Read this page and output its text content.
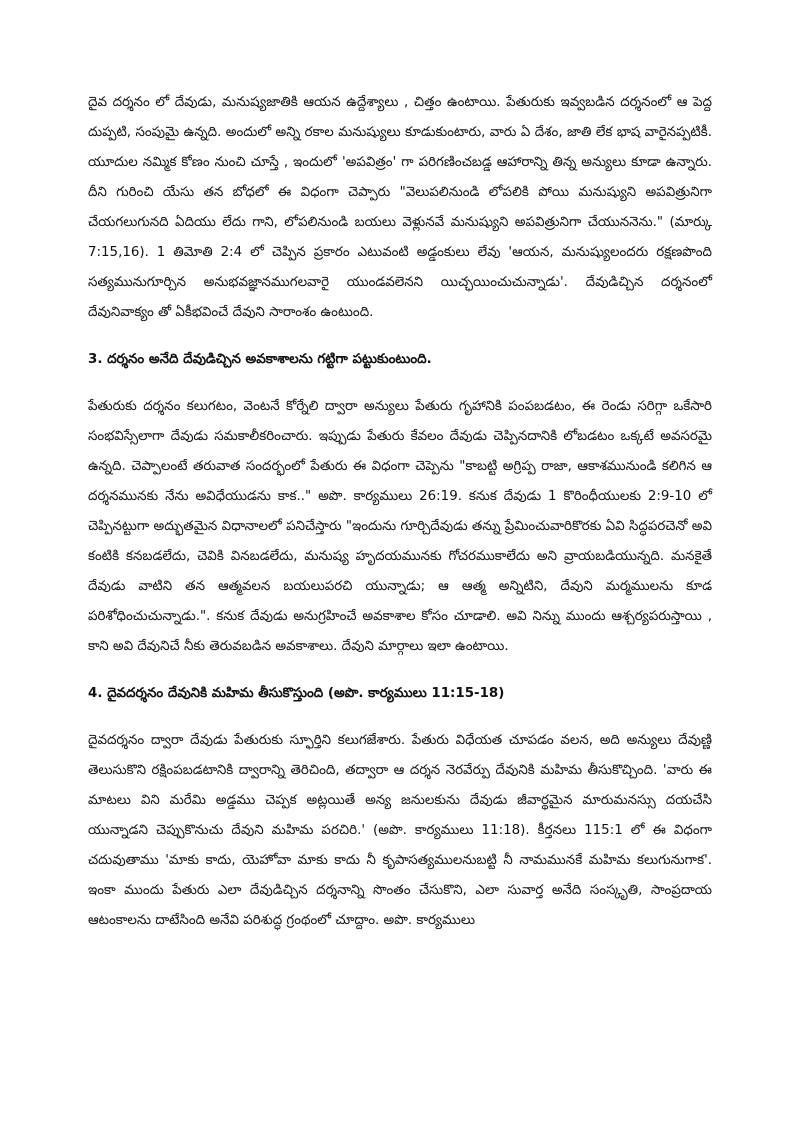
దైవ దర్శనం లో దేవుడు, మనుష్యజాతికి ఆయన ఉద్దేశ్యాలు , చిత్తం ఉంటాయి. పేతురుకు ఇవ్వబడిన దర్శనంలో ఆ పెద్ద దుప్పటి, సంపుమై ఉన్నది. అందులో అన్ని రకాల మనుష్యులు కూడుకుంటారు, వారు ఏ దేశం, జాతి లేక భాష వారైనప్పటికీ. యూదుల నమ్మిక కోణం నుంచి చూస్తే , ఇందులో 'అపవిత్రం' గా పరిగణించబడ్డ ఆహారాన్ని తిన్న అన్యులు కూడా ఉన్నారు. దీని గురించి యేసు తన బోధలో ఈ విధంగా చెప్పారు "వెలుపలినుండి లోపలికి పోయి మనుష్యుని అపవిత్రునిగా చేయగలుగునది ఏదియు లేదు గాని, లోపలినుండి బయలు వెళ్లునవే మనుష్యుని అపవిత్రునిగా చేయుననెను." (మార్కు 7:15,16). 1 తిమోతి 2:4 లో చెప్పిన ప్రకారం ఎటువంటి అడ్డంకులు లేవు 'ఆయన, మనుష్యులందరు రక్షణపొంది సత్యమునుగూర్చిన అనుభవజ్ఞానముగలవారై యుండవలెనని యిచ్ఛయించుచున్నాడు'. దేవుడిచ్చిన దర్శనంలో దేవునివాక్యం తో ఏకీభవించే దేవుని సారాంశం ఉంటుంది.

3. దర్శనం అనేది దేవుడిచ్చిన అవకాశాలను గట్టిగా పట్టుకుంటుంది.

పేతురుకు దర్శనం కలుగటం, వెంటనే కోర్నేలి ద్వారా అన్యులు పేతురు గృహానికి పంపబడటం, ఈ రెండు సరిగ్గా ఒకేసారి సంభవిస్సేలాగా దేవుడు సమకాలీకరించారు. ఇప్పుడు పేతురు కేవలం దేవుడు చెప్పినదానికి లోబడటం ఒక్కటే అవసరమై ఉన్నది. చెప్పాలంటే తరువాత సందర్భంలో పేతురు ఈ విధంగా చెప్పెను "కాబట్టి అగ్రిప్ప రాజా, ఆకాశమునుండి కలిగిన ఆ దర్శనమునకు నేను అవిధేయుడను కాక.." అపొ. కార్యములు 26:19. కనుక దేవుడు 1 కొరింధీయులకు 2:9-10 లో చెప్పినట్టుగా అద్భుతమైన విధానాలలో పనిచేస్తారు "ఇందును గూర్చిదేవుడు తన్ను ప్రేమించువారికొరకు ఏవి సిద్ధపరచెనో అవి కంటికి కనబడలేదు, చెవికి వినబడలేదు, మనుష్య హృదయమునకు గోచరముకాలేదు అని వ్రాయబడియున్నది. మనకైతే దేవుడు వాటిని తన ఆత్మవలన బయలుపరచి యున్నాడు; ఆ ఆత్మ అన్నిటిని, దేవుని మర్మములను కూడ పరిశోధించుచున్నాడు.". కనుక దేవుడు అనుగ్రహించే అవకాశాల కోసం చూడాలి. అవి నిన్ను ముందు ఆశ్చర్యపరుస్తాయి , కాని అవి దేవునిచే నీకు తెరువబడిన అవకాశాలు. దేవుని మార్గాలు ఇలా ఉంటాయి.

4. దైవదర్శనం దేవునికి మహిమ తీసుకొస్తుంది (అపొ. కార్యములు 11:15-18)

దైవదర్శనం ద్వారా దేవుడు పేతురుకు స్ఫూర్తిని కలుగజేశారు. పేతురు విధేయత చూపడం వలన, అది అన్యులు దేవుణ్ణి తెలుసుకొని రక్షింపబడటానికి ద్వారాన్ని తెరిచింది, తద్వారా ఆ దర్శన నెరవేర్పు దేవునికి మహిమ తీసుకొచ్చింది. 'వారు ఈ మాటలు విని మరేమి అడ్డము చెప్పక అట్లయితే అన్య జనులకును దేవుడు జీవార్థమైన మారుమనస్సు దయచేసి యున్నాడని చెప్పుకొనుచు దేవుని మహిమ పరచిరి.' (అపొ. కార్యములు 11:18). కీర్తనలు 115:1 లో ఈ విధంగా చదువుతాము 'మాకు కాదు, యెహోవా మాకు కాదు నీ కృపాసత్యములనుబట్టి నీ నామమునకే మహిమ కలుగునుగాక'. ఇంకా ముందు పేతురు ఎలా దేవుడిచ్చిన దర్శనాన్ని సొంతం చేసుకొని, ఎలా సువార్త అనేది సంస్కృతి, సాంప్రదాయ ఆటంకాలను దాటేసింది అనేవి పరిశుద్ధ గ్రంథంలో చూద్దాం. అపొ. కార్యములు
